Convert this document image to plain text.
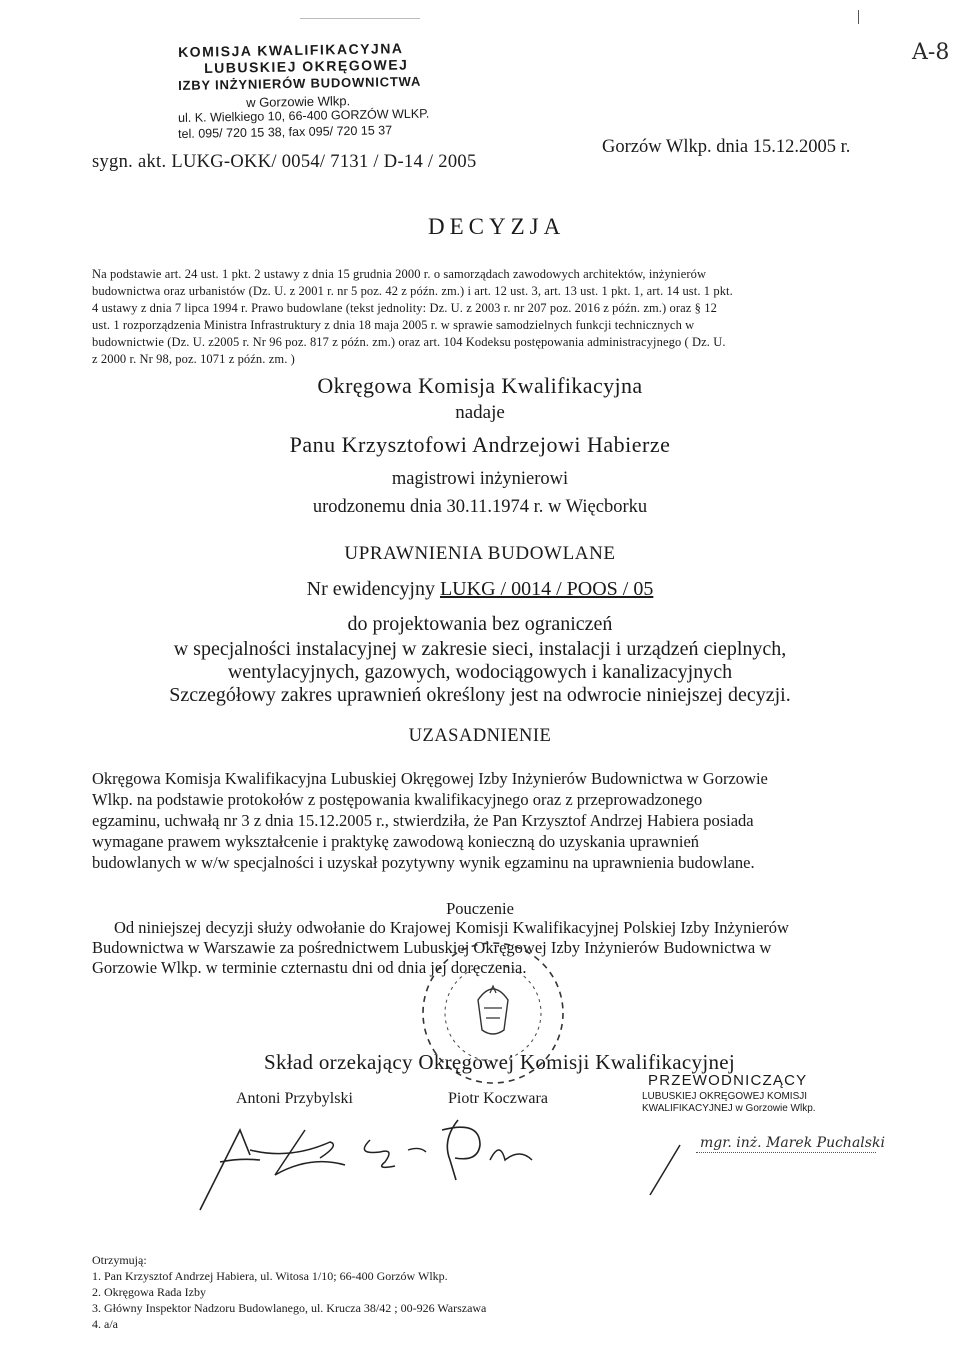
KOMISJA KWALIFIKACYJNA
LUBUSKIEJ OKRĘGOWEJ
IZBY INŻYNIERÓW BUDOWNICTWA
w Gorzowie Wlkp.
ul. K. Wielkiego 10, 66-400 GORZÓW WLKP.
tel. 095/ 720 15 38, fax 095/ 720 15 37
sygn. akt. LUKG-OKK/ 0054/ 7131 / D-14 / 2005
Gorzów Wlkp. dnia 15.12.2005 r.
A-8
DECYZJA
Na podstawie art. 24 ust. 1 pkt. 2 ustawy z dnia 15 grudnia 2000 r. o samorządach zawodowych architektów, inżynierów
budownictwa oraz urbanistów (Dz. U. z 2001 r. nr 5 poz. 42 z późn. zm.) i art. 12 ust. 3, art. 13 ust. 1 pkt. 1, art. 14 ust. 1 pkt.
4 ustawy z dnia 7 lipca 1994 r. Prawo budowlane (tekst jednolity: Dz. U. z 2003 r. nr 207 poz. 2016 z późn. zm.) oraz § 12
ust. 1 rozporządzenia Ministra Infrastruktury z dnia 18 maja 2005 r. w sprawie samodzielnych funkcji technicznych w
budownictwie (Dz. U. z2005 r. Nr 96 poz. 817 z późn. zm.) oraz art. 104 Kodeksu postępowania administracyjnego ( Dz. U.
z 2000 r. Nr 98, poz. 1071 z późn. zm. )
Okręgowa Komisja Kwalifikacyjna
nadaje
Panu Krzysztofowi Andrzejowi Habierze
magistrowi inżynierowi
urodzonemu dnia 30.11.1974 r. w Więcborku
UPRAWNIENIA BUDOWLANE
Nr ewidencyjny LUKG / 0014 / POOS / 05
do projektowania bez ograniczeń
w specjalności instalacyjnej w zakresie sieci, instalacji i urządzeń cieplnych,
wentylacyjnych, gazowych, wodociągowych i kanalizacyjnych
Szczegółowy zakres uprawnień określony jest na odwrocie niniejszej decyzji.
UZASADNIENIE
Okręgowa Komisja Kwalifikacyjna Lubuskiej Okręgowej Izby Inżynierów Budownictwa w Gorzowie
Wlkp. na podstawie protokołów z postępowania kwalifikacyjnego oraz z przeprowadzonego
egzaminu, uchwałą nr 3 z dnia 15.12.2005 r., stwierdziła, że Pan Krzysztof Andrzej Habiera posiada
wymagane prawem wykształcenie i praktykę zawodową konieczną do uzyskania uprawnień
budowlanych w w/w specjalności i uzyskał pozytywny wynik egzaminu na uprawnienia budowlane.
Pouczenie
Od niniejszej decyzji służy odwołanie do Krajowej Komisji Kwalifikacyjnej Polskiej Izby Inżynierów
Budownictwa w Warszawie za pośrednictwem Lubuskiej Okręgowej Izby Inżynierów Budownictwa w
Gorzowie Wlkp. w terminie czternastu dni od dnia jej doręczenia.
Skład orzekający Okręgowej Komisji Kwalifikacyjnej
Antoni Przybylski	Piotr Koczwara
PRZEWODNICZĄCY
LUBUSKIEJ OKRĘGOWEJ KOMISJI
KWALIFIKACYJNEJ w Gorzowie Wlkp.
mgr. inż. Marek Puchalski
Otrzymują:
1. Pan Krzysztof Andrzej Habiera, ul. Witosa 1/10; 66-400 Gorzów Wlkp.
2. Okręgowa Rada Izby
3. Główny Inspektor Nadzoru Budowlanego, ul. Krucza 38/42 ; 00-926 Warszawa
4. a/a
